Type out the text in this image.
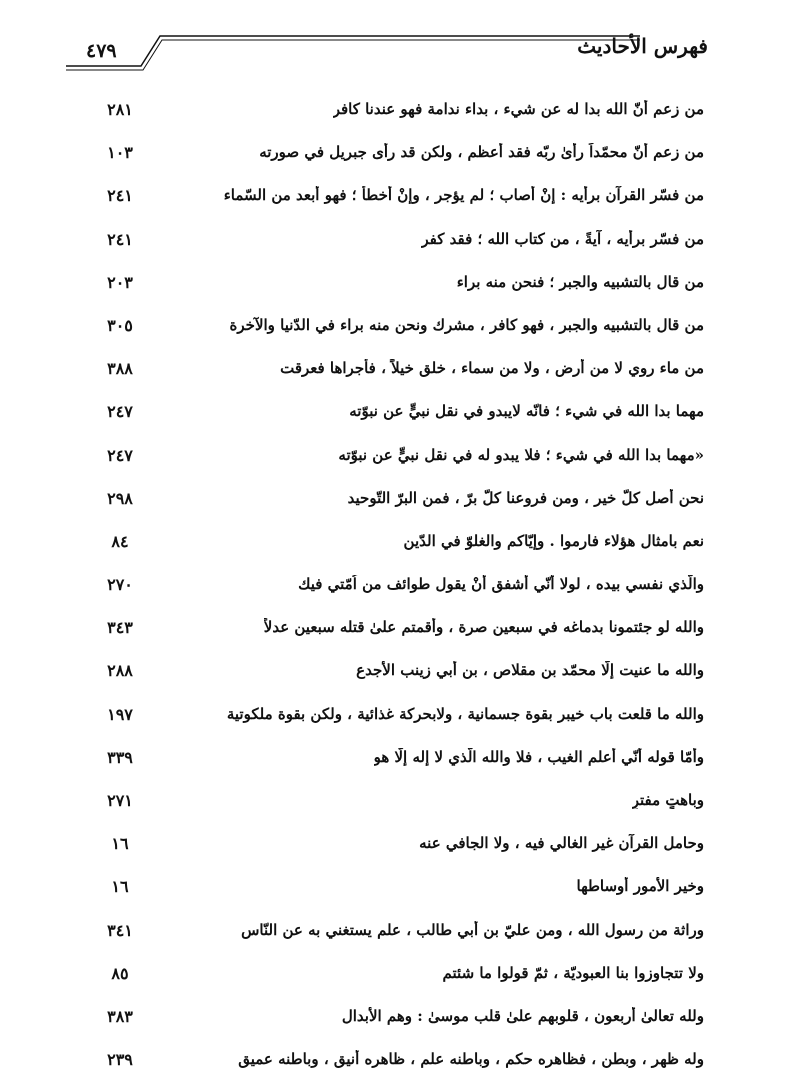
فهرس الأحاديث
٤٧٩
من زعم أنّ الله بدا له عن شيء ، بداء ندامة فهو عندنا كافر
٢٨١
من زعم أنّ محمّداً رأىٰ ربّه فقد أعظم ، ولكن قد رأى جبريل في صورته
١٠٣
من فسّر القرآن برأيه : إنْ أصاب ؛ لم يؤجر ، وإنْ أخطأ ؛ فهو أبعد من السّماء
٢٤١
من فسّر برأيه ، آيةً ، من كتاب الله ؛ فقد كفر
٢٤١
من قال بالتشبيه والجبر ؛ فنحن منه براء
٢٠٣
من قال بالتشبيه والجبر ، فهو كافر ، مشرك ونحن منه براء في الدّنيا والآخرة
٣٠٥
من ماء روي لا من أرض ، ولا من سماء ، خلق خيلاً ، فأجراها فعرقت
٣٨٨
مهما بدا الله في شيء ؛ فانّه لايبدو في نقل نبيٍّ عن نبوّته
٢٤٧
«مهما بدا الله في شيء ؛ فلا يبدو له في نقل نبيٍّ عن نبوّته
٢٤٧
نحن أصل كلّ خير ، ومن فروعنا كلّ برّ ، فمن البرّ التّوحيد
٢٩٨
نعم بامثال هؤلاء فارموا . وإيّاكم والغلوّ في الدّين
٨٤
والّذي نفسي بيده ، لولا أنّي أشفق أنْ يقول طوائف من اُمّتي فيك
٢٧٠
والله لو جئتمونا بدماغه في سبعين صرة ، وأقمتم علىٰ قتله سبعين عدلاً
٣٤٣
والله ما عنيت إلّا محمّد بن مقلاص ، بن أبي زينب الأجدع
٢٨٨
والله ما قلعت باب خيبر بقوة جسمانية ، ولابحركة غذائية ، ولكن بقوة ملكوتية
١٩٧
وأمّا قوله أنّي أعلم الغيب ، فلا والله الّذي لا إله إلّا هو
٣٣٩
وباهتٍ مفترٍ
٢٧١
وحامل القرآن غير الغالي فيه ، ولا الجافي عنه
١٦
وخير الأُمور أوساطها
١٦
وراثة من رسول الله ، ومن عليّ بن أبي طالب ، علم يستغني به عن النّاس
٣٤١
ولا تتجاوزوا بنا العبوديّة ، ثمّ قولوا ما شئتم
٨٥
ولله تعالىٰ أربعون ، قلوبهم علىٰ قلب موسىٰ : وهم الأبدال
٣٨٣
وله ظهر ، وبطن ، فظاهره حكم ، وباطنه علم ، ظاهره أنيق ، وباطنه عميق
٢٣٩
